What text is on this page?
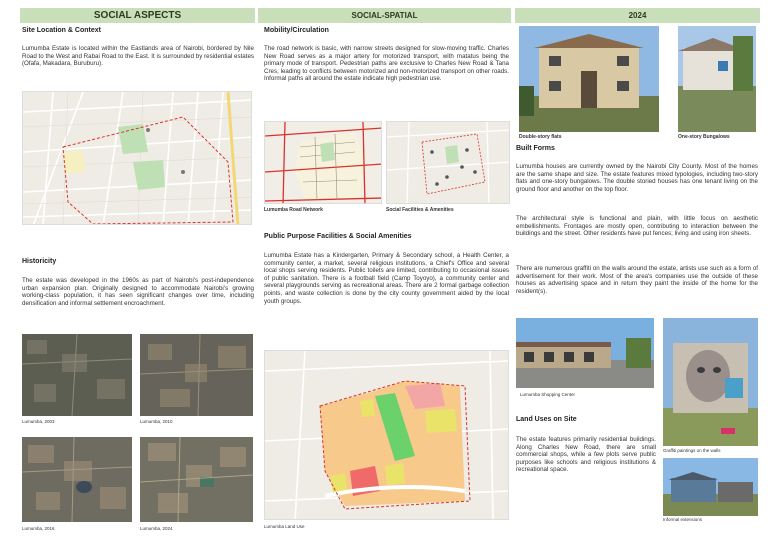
SOCIAL ASPECTS	SOCIAL-SPATIAL	2024
Site Location & Context
Lumumba Estate is located within the Eastlands area of Nairobi, bordered by Nile Road to the West and Rabai Road to the East. It is surrounded by residential estates (Ofafa, Makadara, Buruburu).
Historicity
The estate was developed in the 1960s as part of Nairobi's post-independence urban expansion plan. Originally designed to accommodate Nairobi's growing working-class population, it has seen significant changes over time, including densification and informal settlement encroachment.
Lumumba, 2003	Lumumba, 2010
Lumumba, 2016	Lumumba, 2024
Mobility/Circulation
The road network is basic, with narrow streets designed for slow-moving traffic. Charles New Road serves as a major artery for motorized transport, with matatus being the primary mode of transport. Pedestrian paths are exclusive to Charles New Road & Tana Cres, leading to conflicts between motorized and non-motorized transport on other roads. Informal paths all around the estate indicate high pedestrian use.
Lumumba Road Network	Social Facilities & Amenities
Public Purpose Facilities & Social Amenities
Lumumba Estate has a Kindergarten, Primary & Secondary school, a Health Center, a community center, a market, several religious institutions, a Chief's Office and several local shops serving residents. Public toilets are limited, contributing to occasional issues of public sanitation. There is a football field (Camp Toyoyo), a community center and several playgrounds serving as recreational areas. There are 2 formal garbage collection points, and waste collection is done by the city county government aided by the local youth groups.
Lumumba Land Use
Double-story flats	One-story Bungalows
Built Forms
Lumumba houses are currently owned by the Nairobi City County. Most of the homes are the same shape and size. The estate features mixed typologies, including two-story flats and one-story bungalows. The double storied houses has one tenant living on the ground floor and another on the top floor.
The architectural style is functional and plain, with little focus on aesthetic embellishments. Frontages are mostly open, contributing to interaction between the buildings and the street. Other residents have put fences; living and using iron sheets.
There are numerous graffiti on the walls around the estate, artists use such as a form of advertisement for their work. Most of the area's companies use the outside of these houses as advertising space and in return they paint the inside of the home for the resident(s).
Lumumba Shopping Center
Graffiti paintings on the walls
Land Uses on Site
The estate features primarily residential buildings. Along Charles New Road, there are small commercial shops, while a few plots serve public purposes like schools and religious institutions & recreational space.
Informal extensions
